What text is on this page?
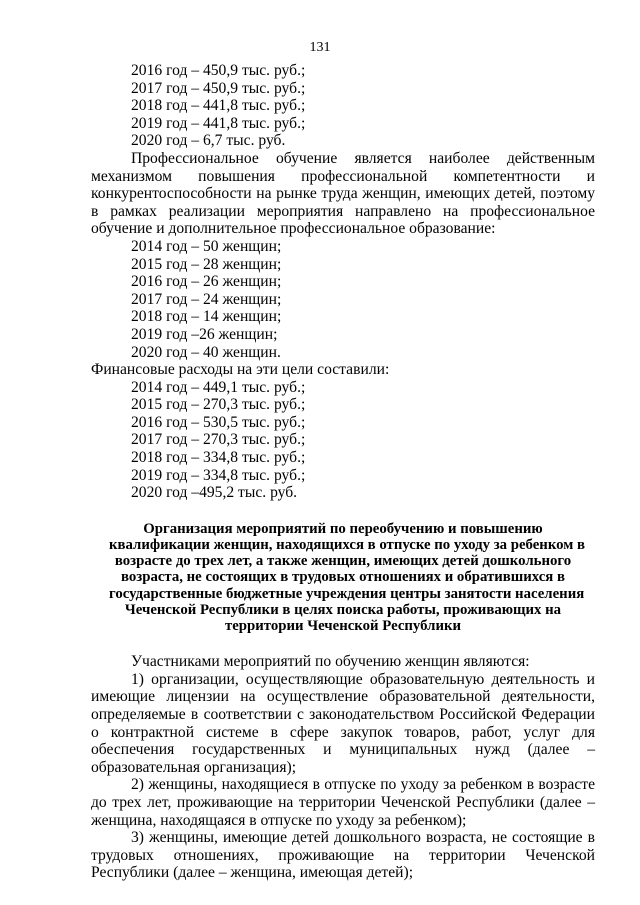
131
2016 год – 450,9 тыс. руб.;
2017 год – 450,9 тыс. руб.;
2018 год – 441,8 тыс. руб.;
2019 год – 441,8 тыс. руб.;
2020 год – 6,7 тыс. руб.
Профессиональное обучение является наиболее действенным механизмом повышения профессиональной компетентности и конкурентоспособности на рынке труда женщин, имеющих детей, поэтому в рамках реализации мероприятия направлено на профессиональное обучение и дополнительное профессиональное образование:
2014 год – 50 женщин;
2015 год – 28 женщин;
2016 год – 26 женщин;
2017 год – 24 женщин;
2018 год – 14 женщин;
2019 год –26 женщин;
2020 год – 40 женщин.
Финансовые расходы на эти цели составили:
2014 год – 449,1 тыс. руб.;
2015 год – 270,3 тыс. руб.;
2016 год – 530,5 тыс. руб.;
2017 год – 270,3 тыс. руб.;
2018 год – 334,8 тыс. руб.;
2019 год – 334,8 тыс. руб.;
2020 год –495,2 тыс. руб.
Организация мероприятий по переобучению и повышению
квалификации женщин, находящихся в отпуске по уходу за ребенком в
возрасте до трех лет, а также женщин, имеющих детей дошкольного
возраста, не состоящих в трудовых отношениях и обратившихся в
государственные бюджетные учреждения центры занятости населения
Чеченской Республики в целях поиска работы, проживающих на
территории Чеченской Республики
Участниками мероприятий по обучению женщин являются:
1) организации, осуществляющие образовательную деятельность и имеющие лицензии на осуществление образовательной деятельности, определяемые в соответствии с законодательством Российской Федерации о контрактной системе в сфере закупок товаров, работ, услуг для обеспечения государственных и муниципальных нужд (далее – образовательная организация);
2) женщины, находящиеся в отпуске по уходу за ребенком в возрасте до трех лет, проживающие на территории Чеченской Республики (далее – женщина, находящаяся в отпуске по уходу за ребенком);
3) женщины, имеющие детей дошкольного возраста, не состоящие в трудовых отношениях, проживающие на территории Чеченской Республики (далее – женщина, имеющая детей);
